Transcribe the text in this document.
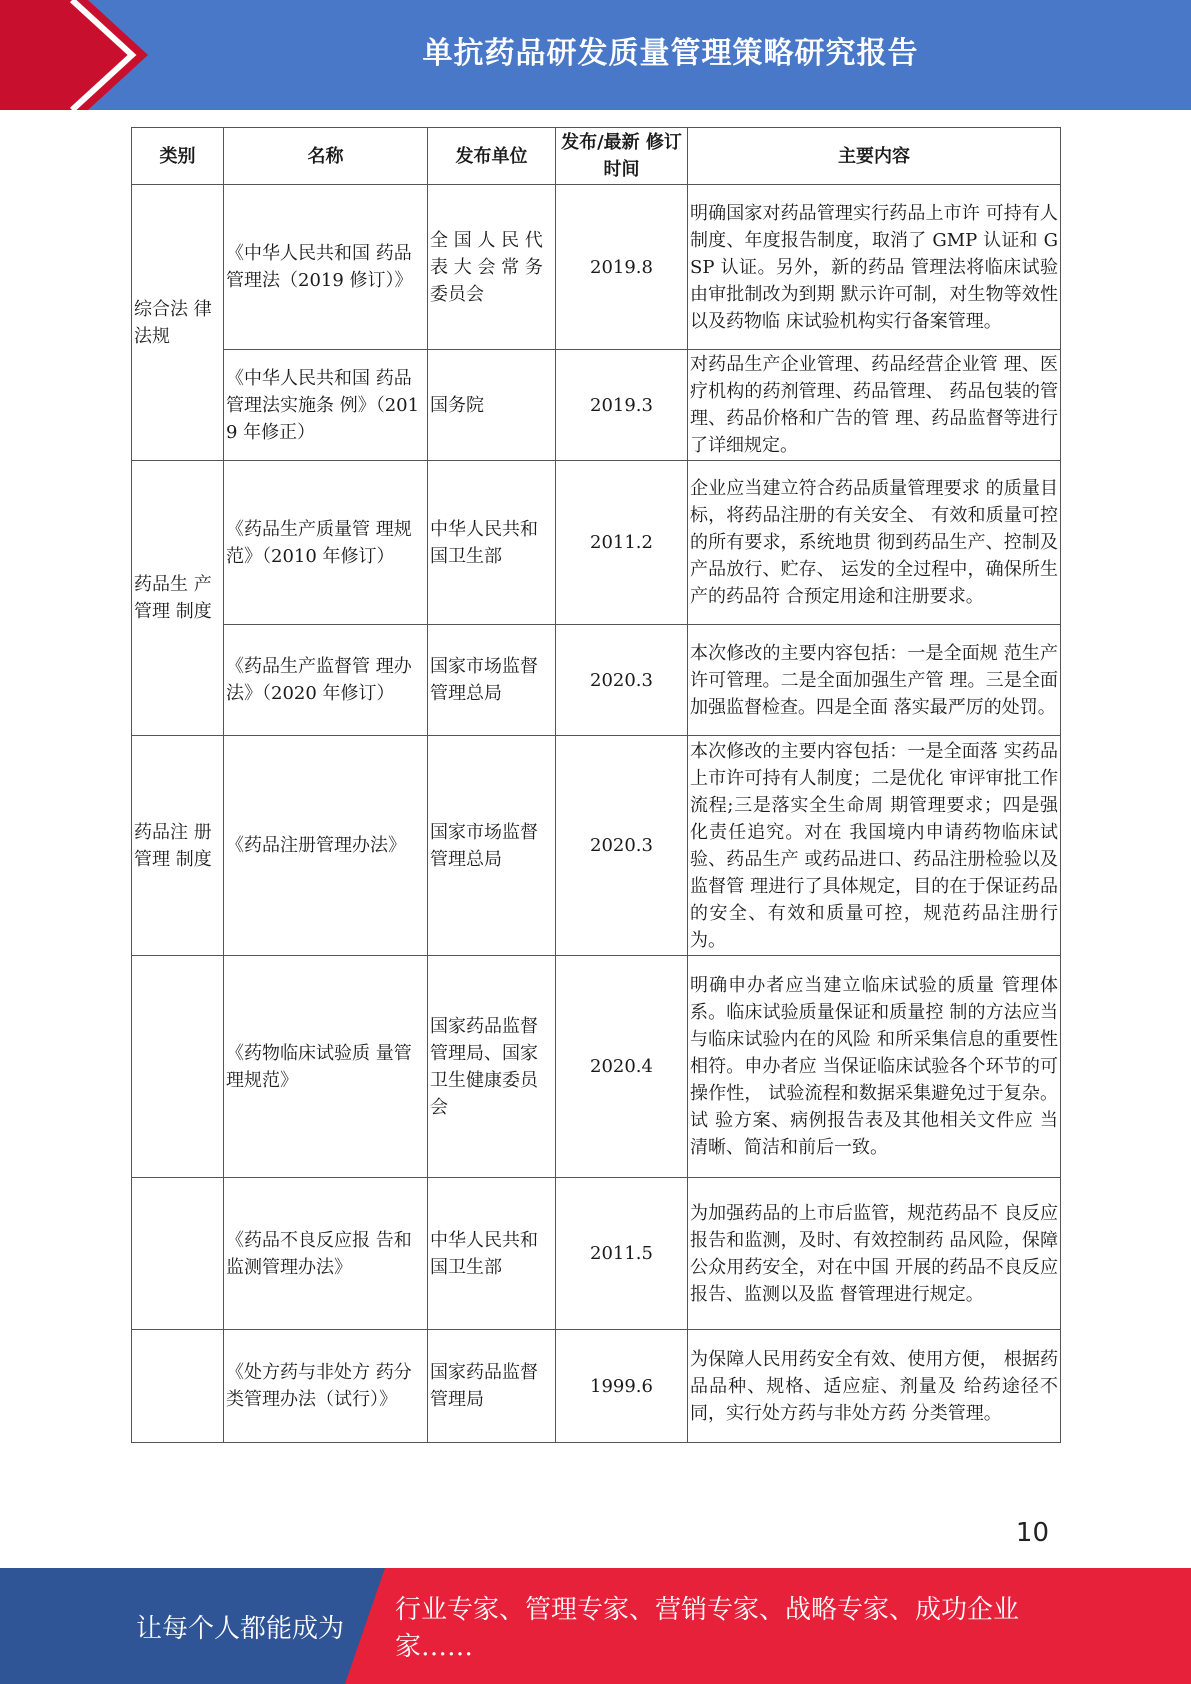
单抗药品研发质量管理策略研究报告
类别	名称	发布单位	发布/最新 修订时间	主要内容
综合法 律法规	《中华人民共和国 药品管理法（2019 修订）》	全 国 人 民 代 表 大 会 常 务 委员会	2019.8	明确国家对药品管理实行药品上市许 可持有人制度、年度报告制度，取消了 GMP 认证和 GSP 认证。另外，新的药品 管理法将临床试验由审批制改为到期 默示许可制，对生物等效性以及药物临 床试验机构实行备案管理。
	《中华人民共和国 药品管理法实施条 例》（2019 年修正）	国务院	2019.3	对药品生产企业管理、药品经营企业管 理、医疗机构的药剂管理、药品管理、 药品包装的管理、药品价格和广告的管 理、药品监督等进行了详细规定。
药品生 产管理 制度	《药品生产质量管 理规范》（2010 年修订）	中华人民共和国卫生部	2011.2	企业应当建立符合药品质量管理要求 的质量目标，将药品注册的有关安全、 有效和质量可控的所有要求，系统地贯 彻到药品生产、控制及产品放行、贮存、 运发的全过程中，确保所生产的药品符 合预定用途和注册要求。
	《药品生产监督管 理办法》（2020 年修订）	国家市场监督管理总局	2020.3	本次修改的主要内容包括：一是全面规 范生产许可管理。二是全面加强生产管 理。三是全面加强监督检查。四是全面 落实最严厉的处罚。
药品注 册管理 制度	《药品注册管理办法》	国家市场监督管理总局	2020.3	本次修改的主要内容包括：一是全面落 实药品上市许可持有人制度；二是优化 审评审批工作流程;三是落实全生命周 期管理要求；四是强化责任追究。对在 我国境内申请药物临床试验、药品生产 或药品进口、药品注册检验以及监督管 理进行了具体规定，目的在于保证药品 的安全、有效和质量可控，规范药品注册行为。
	《药物临床试验质 量管理规范》	国家药品监督管理局、国家卫生健康委员会	2020.4	明确申办者应当建立临床试验的质量 管理体系。临床试验质量保证和质量控 制的方法应当与临床试验内在的风险 和所采集信息的重要性相符。申办者应 当保证临床试验各个环节的可操作性， 试验流程和数据采集避免过于复杂。试 验方案、病例报告表及其他相关文件应 当清晰、简洁和前后一致。
	《药品不良反应报 告和监测管理办法》	中华人民共和国卫生部	2011.5	为加强药品的上市后监管，规范药品不 良反应报告和监测，及时、有效控制药 品风险，保障公众用药安全，对在中国 开展的药品不良反应报告、监测以及监 督管理进行规定。
	《处方药与非处方 药分类管理办法（试行）》	国家药品监督管理局	1999.6	为保障人民用药安全有效、使用方便， 根据药品品种、规格、适应症、剂量及 给药途径不同，实行处方药与非处方药 分类管理。
10
让每个人都能成为
行业专家、管理专家、营销专家、战略专家、成功企业家……
